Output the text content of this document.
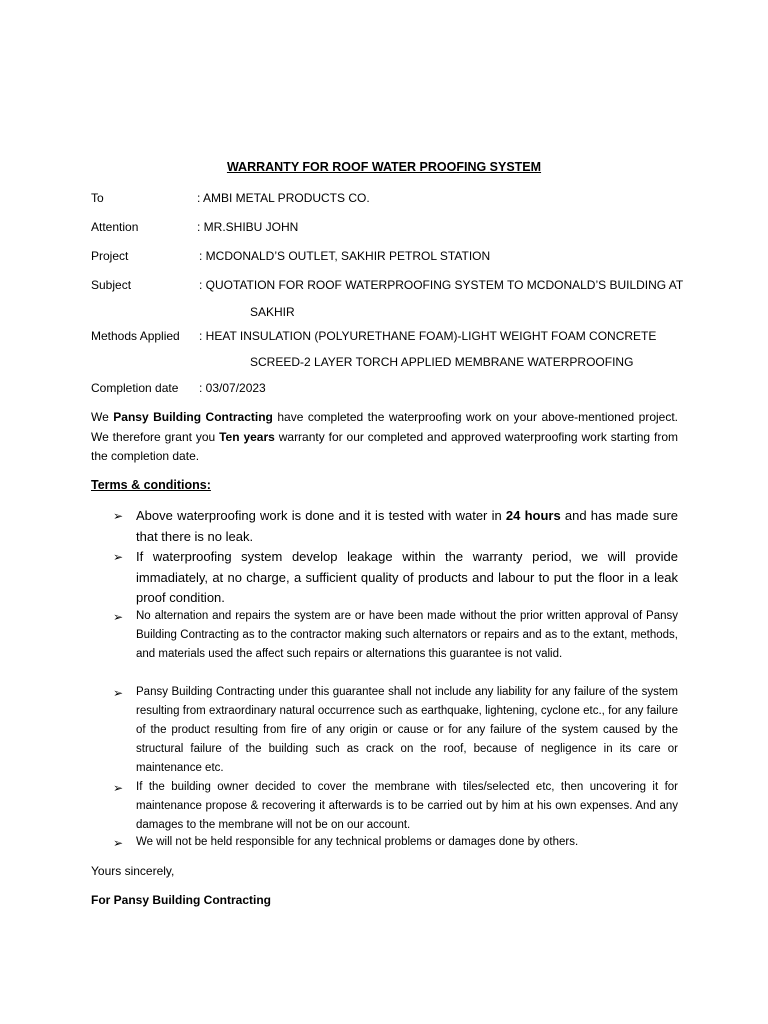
WARRANTY FOR ROOF WATER PROOFING SYSTEM
To	: AMBI METAL PRODUCTS CO.
Attention	: MR.SHIBU JOHN
Project	: MCDONALD’S OUTLET, SAKHIR PETROL STATION
Subject	: QUOTATION FOR ROOF WATERPROOFING SYSTEM TO MCDONALD’S BUILDING AT
SAKHIR
Methods Applied : HEAT INSULATION (POLYURETHANE FOAM)-LIGHT WEIGHT FOAM CONCRETE
SCREED-2 LAYER TORCH APPLIED MEMBRANE WATERPROOFING
Completion date : 03/07/2023
We Pansy Building Contracting have completed the waterproofing work on your above-mentioned project. We therefore grant you Ten years warranty for our completed and approved waterproofing work starting from the completion date.
Terms & conditions:
➢ Above waterproofing work is done and it is tested with water in 24 hours and has made sure that there is no leak.
➢ If waterproofing system develop leakage within the warranty period, we will provide immadiately, at no charge, a sufficient quality of products and labour to put the floor in a leak proof condition.
➢ No alternation and repairs the system are or have been made without the prior written approval of Pansy Building Contracting as to the contractor making such alternators or repairs and as to the extant, methods, and materials used the affect such repairs or alternations this guarantee is not valid.
➢ Pansy Building Contracting under this guarantee shall not include any liability for any failure of the system resulting from extraordinary natural occurrence such as earthquake, lightening, cyclone etc., for any failure of the product resulting from fire of any origin or cause or for any failure of the system caused by the structural failure of the building such as crack on the roof, because of negligence in its care or maintenance etc.
➢ If the building owner decided to cover the membrane with tiles/selected etc, then uncovering it for maintenance propose & recovering it afterwards is to be carried out by him at his own expenses. And any damages to the membrane will not be on our account.
➢ We will not be held responsible for any technical problems or damages done by others.
Yours sincerely,
For Pansy Building Contracting
